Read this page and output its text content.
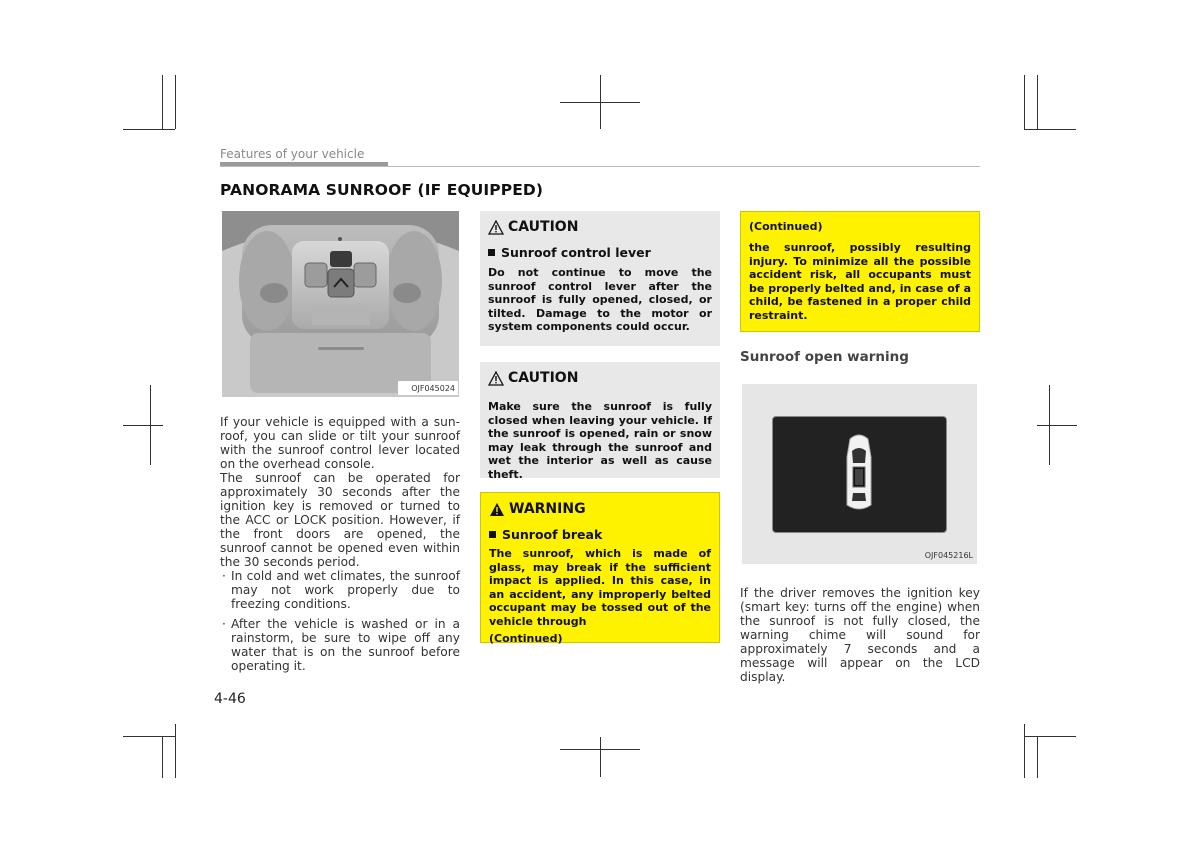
Features of your vehicle
PANORAMA SUNROOF (IF EQUIPPED)
OJF045024
If your vehicle is equipped with a sun-roof, you can slide or tilt your sunroof with the sunroof control lever located on the overhead console.
The sunroof can be operated for approximately 30 seconds after the ignition key is removed or turned to the ACC or LOCK position. However, if the front doors are opened, the sunroof cannot be opened even within the 30 seconds period.
· In cold and wet climates, the sunroof may not work properly due to freezing conditions.
· After the vehicle is washed or in a rainstorm, be sure to wipe off any water that is on the sunroof before operating it.
4-46
CAUTION
Sunroof control lever
Do not continue to move the sunroof control lever after the sunroof is fully opened, closed, or tilted. Damage to the motor or system components could occur.
CAUTION
Make sure the sunroof is fully closed when leaving your vehicle. If the sunroof is opened, rain or snow may leak through the sunroof and wet the interior as well as cause theft.
WARNING
Sunroof break
The sunroof, which is made of glass, may break if the sufficient impact is applied. In this case, in an accident, any improperly belted occupant may be tossed out of the vehicle through
(Continued)
(Continued)
the sunroof, possibly resulting injury. To minimize all the possible accident risk, all occupants must be properly belted and, in case of a child, be fastened in a proper child restraint.
Sunroof open warning
OJF045216L
If the driver removes the ignition key (smart key: turns off the engine) when the sunroof is not fully closed, the warning chime will sound for approximately 7 seconds and a message will appear on the LCD display.
